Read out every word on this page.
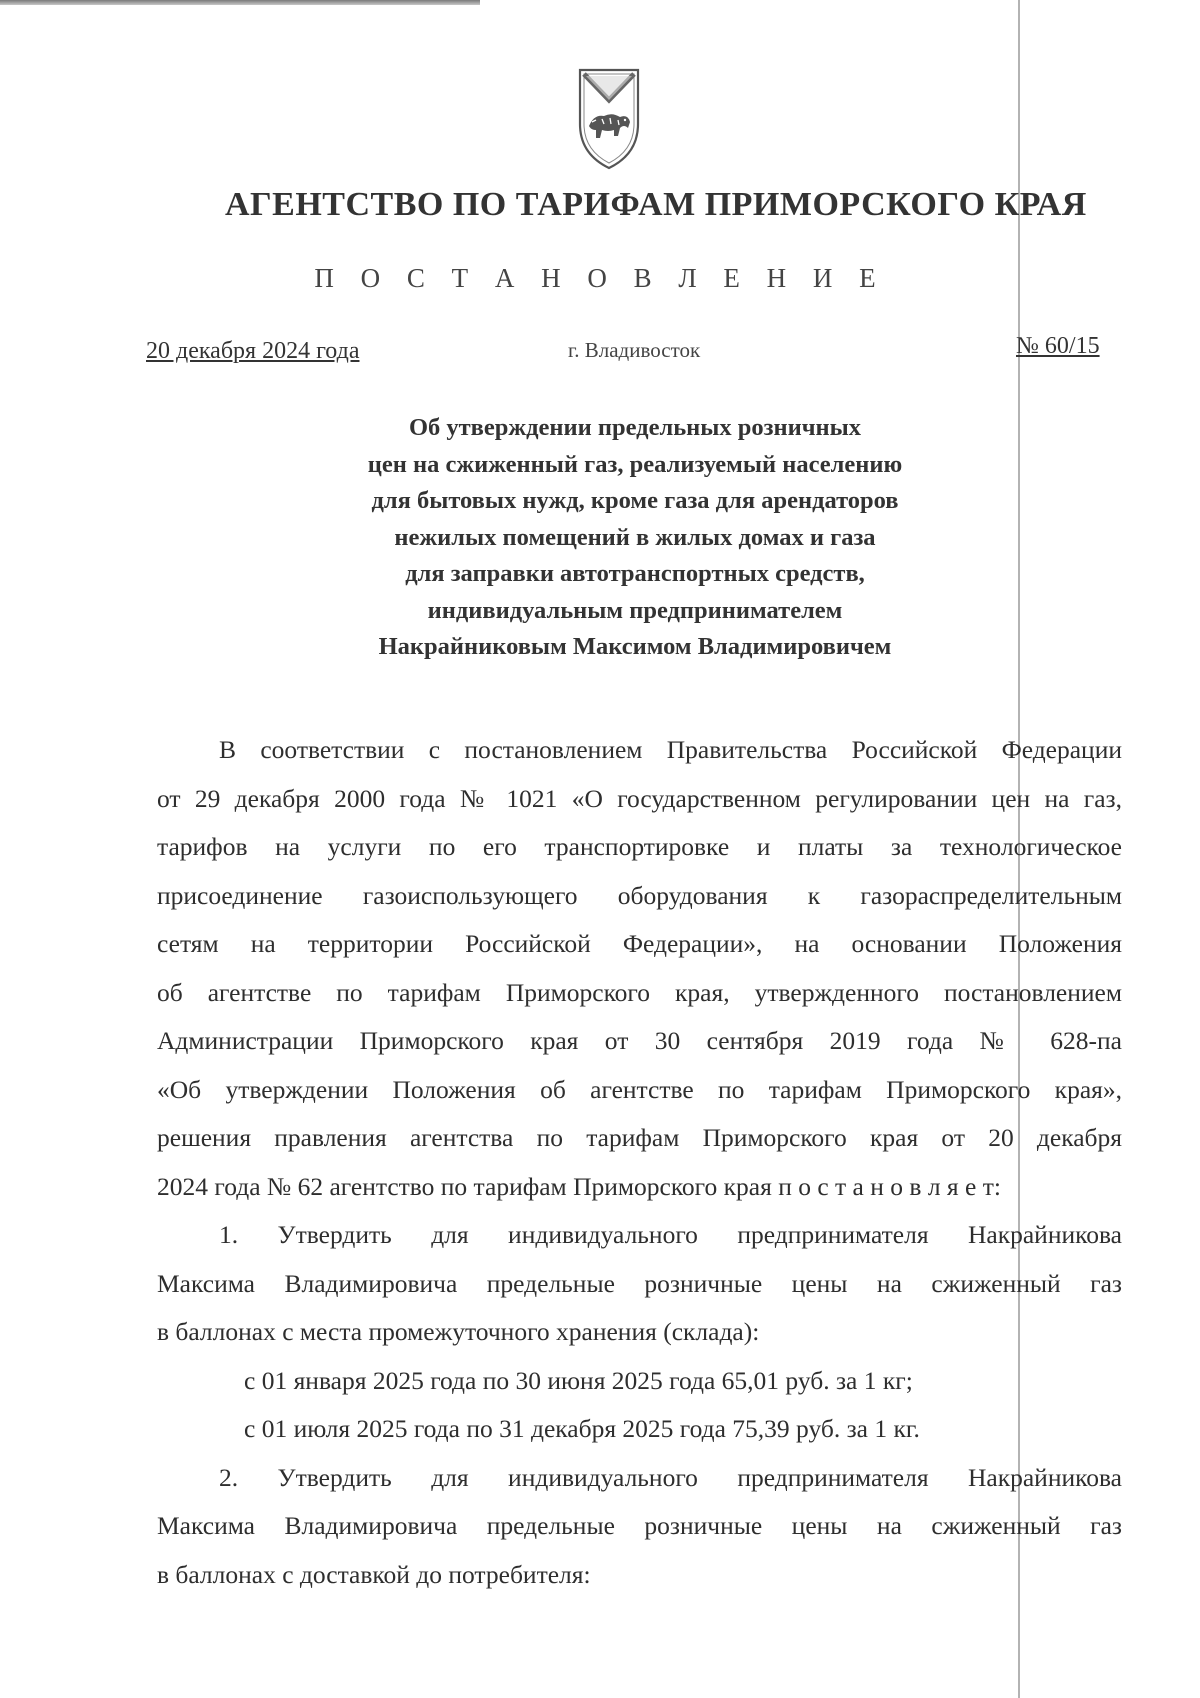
АГЕНТСТВО ПО ТАРИФАМ ПРИМОРСКОГО КРАЯ
П О С Т А Н О В Л Е Н И Е
20 декабря 2024 года	г. Владивосток	№ 60/15
Об утверждении предельных розничных
цен на сжиженный газ, реализуемый населению
для бытовых нужд, кроме газа для арендаторов
нежилых помещений в жилых домах и газа
для заправки автотранспортных средств,
индивидуальным предпринимателем
Накрайниковым Максимом Владимировичем
В соответствии с постановлением Правительства Российской Федерации
от 29 декабря 2000 года № 1021 «О государственном регулировании цен на газ,
тарифов на услуги по его транспортировке и платы за технологическое
присоединение газоиспользующего оборудования к газораспределительным
сетям на территории Российской Федерации», на основании Положения
об агентстве по тарифам Приморского края, утвержденного постановлением
Администрации Приморского края от 30 сентября 2019 года № 628-па
«Об утверждении Положения об агентстве по тарифам Приморского края»,
решения правления агентства по тарифам Приморского края от 20 декабря
2024 года № 62 агентство по тарифам Приморского края п о с т а н о в л я е т:
1. Утвердить для индивидуального предпринимателя Накрайникова
Максима Владимировича предельные розничные цены на сжиженный газ
в баллонах с места промежуточного хранения (склада):
с 01 января 2025 года по 30 июня 2025 года 65,01 руб. за 1 кг;
с 01 июля 2025 года по 31 декабря 2025 года 75,39 руб. за 1 кг.
2. Утвердить для индивидуального предпринимателя Накрайникова
Максима Владимировича предельные розничные цены на сжиженный газ
в баллонах с доставкой до потребителя:
